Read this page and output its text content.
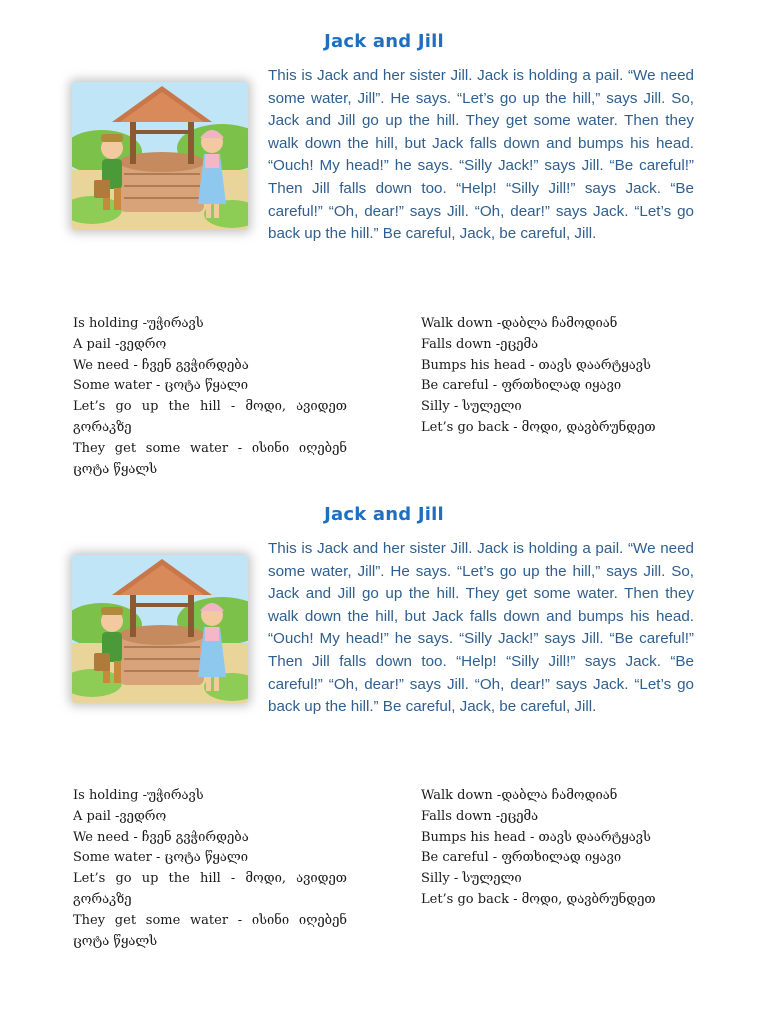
Jack and Jill

This is Jack and her sister Jill. Jack is holding a pail. “We need some water, Jill”. He says. “Let’s go up the hill,” says Jill. So, Jack and Jill go up the hill. They get some water. Then they walk down the hill, but Jack falls down and bumps his head. “Ouch! My head!” he says. “Silly Jack!” says Jill. “Be careful!” Then Jill falls down too. “Help! “Silly Jill!” says Jack. “Be careful!” “Oh, dear!” says Jill. “Oh, dear!” says Jack. “Let’s go back up the hill.” Be careful, Jack, be careful, Jill.

Is holding -უჭირავს
A pail -ვედრო
We need - ჩვენ გვჭირდება
Some water - ცოტა წყალი
Let’s go up the hill - მოდი, ავიდეთ გორაკზე
They get some water - ისინი იღებენ ცოტა წყალს
Walk down -დაბლა ჩამოდიან
Falls down -ეცემა
Bumps his head - თავს დაარტყავს
Be careful - ფრთხილად იყავი
Silly - სულელი
Let’s go back - მოდი, დავბრუნდეთ
Jack and Jill

This is Jack and her sister Jill. Jack is holding a pail. “We need some water, Jill”. He says. “Let’s go up the hill,” says Jill. So, Jack and Jill go up the hill. They get some water. Then they walk down the hill, but Jack falls down and bumps his head. “Ouch! My head!” he says. “Silly Jack!” says Jill. “Be careful!” Then Jill falls down too. “Help! “Silly Jill!” says Jack. “Be careful!” “Oh, dear!” says Jill. “Oh, dear!” says Jack. “Let’s go back up the hill.” Be careful, Jack, be careful, Jill.

Is holding -უჭირავს
A pail -ვედრო
We need - ჩვენ გვჭირდება
Some water - ცოტა წყალი
Let’s go up the hill - მოდი, ავიდეთ გორაკზე
They get some water - ისინი იღებენ ცოტა წყალს
Walk down -დაბლა ჩამოდიან
Falls down -ეცემა
Bumps his head - თავს დაარტყავს
Be careful - ფრთხილად იყავი
Silly - სულელი
Let’s go back - მოდი, დავბრუნდეთ
